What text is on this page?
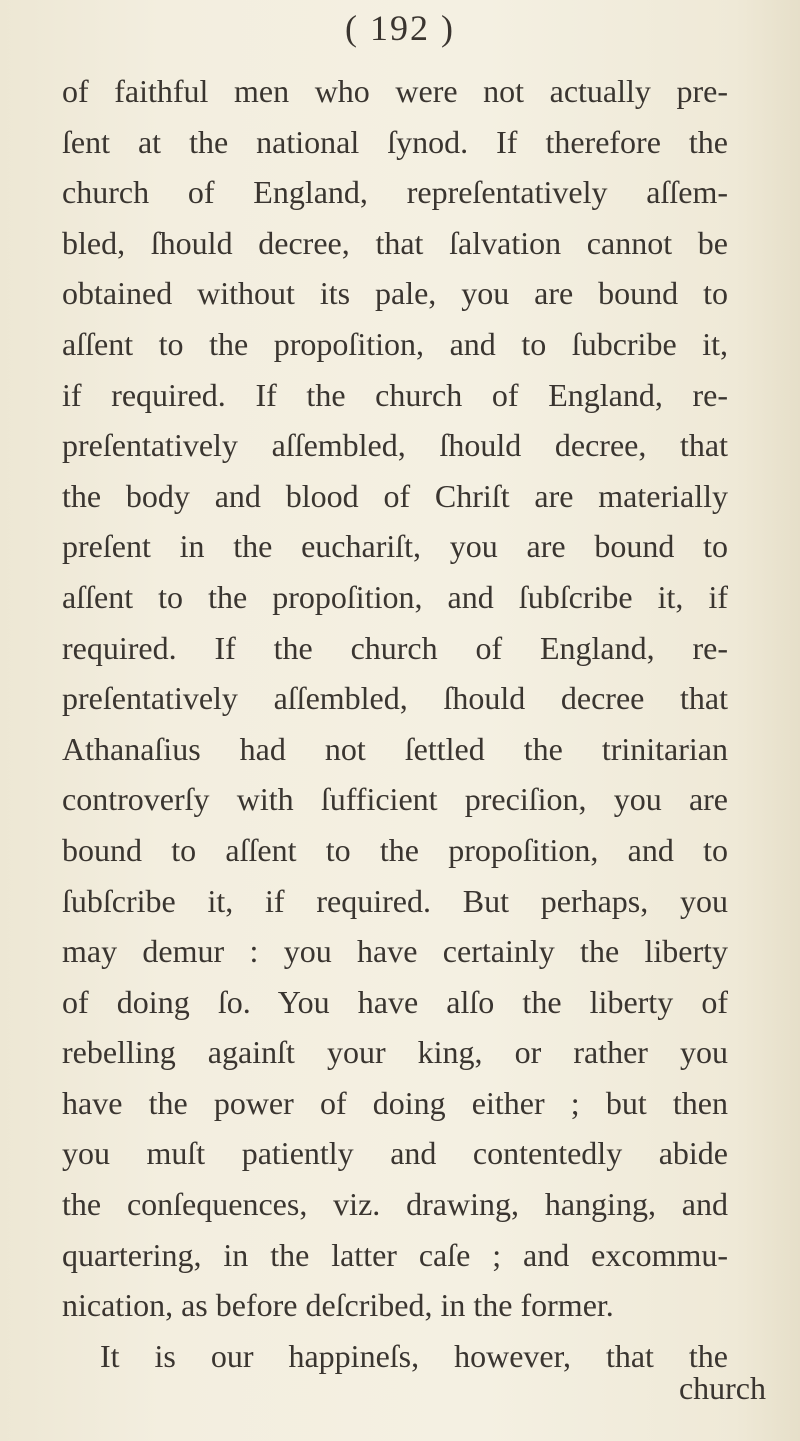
( 192 )
of faithful men who were not actually pre-
ſent at the national ſynod. If therefore the
church of England, repreſentatively aſſem-
bled, ſhould decree, that ſalvation cannot be
obtained without its pale, you are bound to
aſſent to the propoſition, and to ſubcribe it,
if required. If the church of England, re-
preſentatively aſſembled, ſhould decree, that
the body and blood of Chriſt are materially
preſent in the euchariſt, you are bound to
aſſent to the propoſition, and ſubſcribe it, if
required. If the church of England, re-
preſentatively aſſembled, ſhould decree that
Athanaſius had not ſettled the trinitarian
controverſy with ſufficient preciſion, you are
bound to aſſent to the propoſition, and to
ſubſcribe it, if required. But perhaps, you
may demur : you have certainly the liberty
of doing ſo. You have alſo the liberty of
rebelling againſt your king, or rather you
have the power of doing either ; but then
you muſt patiently and contentedly abide
the conſequences, viz. drawing, hanging, and
quartering, in the latter caſe ; and excommu-
nication, as before deſcribed, in the former.
It is our happineſs, however, that the
church
